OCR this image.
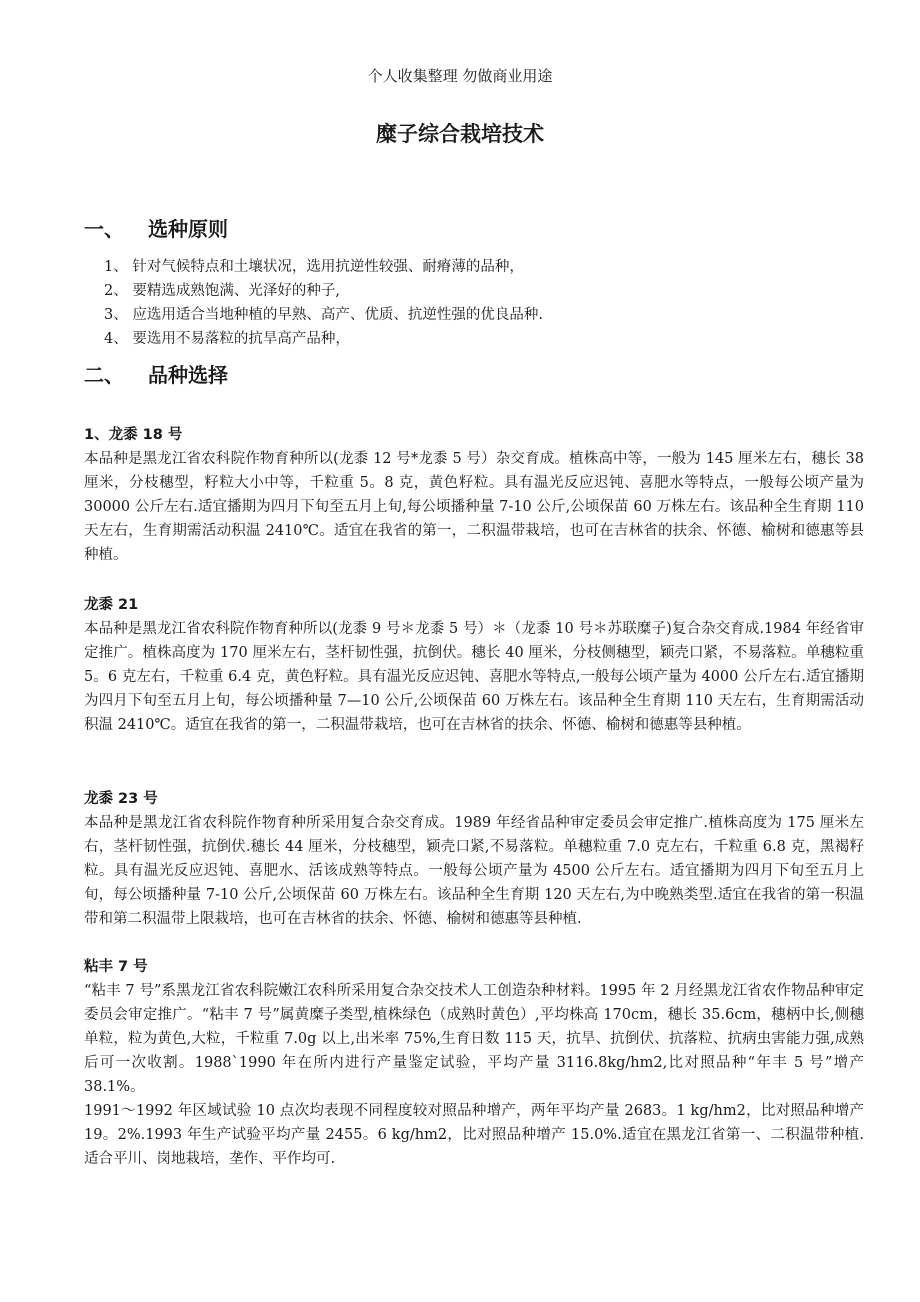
个人收集整理 勿做商业用途
糜子综合栽培技术
一、 选种原则
1、 针对气候特点和土壤状况，选用抗逆性较强、耐瘠薄的品种，
2、 要精选成熟饱满、光泽好的种子,
3、 应选用适合当地种植的早熟、高产、优质、抗逆性强的优良品种.
4、 要选用不易落粒的抗旱高产品种，
二、 品种选择
1、龙黍 18 号

本品种是黑龙江省农科院作物育种所以(龙黍 12 号*龙黍 5 号）杂交育成。植株高中等，一般为 145 厘米左右，穗长 38 厘米，分枝穗型，籽粒大小中等，千粒重 5。8 克，黄色籽粒。具有温光反应迟钝、喜肥水等特点，一般每公顷产量为 30000 公斤左右.适宜播期为四月下旬至五月上旬,每公顷播种量 7-10 公斤,公顷保苗 60 万株左右。该品种全生育期 110 天左右，生育期需活动积温 2410℃。适宜在我省的第一，二积温带栽培，也可在吉林省的扶余、怀德、榆树和德惠等县种植。

龙黍 21

本品种是黑龙江省农科院作物育种所以(龙黍 9 号＊龙黍 5 号）＊（龙黍 10 号＊苏联糜子)复合杂交育成.1984 年经省审定推广。植株高度为 170 厘米左右，茎杆韧性强，抗倒伏。穗长 40 厘米，分枝侧穗型，颖壳口紧，不易落粒。单穗粒重 5。6 克左右，千粒重 6.4 克，黄色籽粒。具有温光反应迟钝、喜肥水等特点,一般每公顷产量为 4000 公斤左右.适宜播期为四月下旬至五月上旬，每公顷播种量 7—10 公斤,公顷保苗 60 万株左右。该品种全生育期 110 天左右，生育期需活动积温 2410℃。适宜在我省的第一，二积温带栽培，也可在吉林省的扶余、怀德、榆树和德惠等县种植。

龙黍 23 号

本品种是黑龙江省农科院作物育种所采用复合杂交育成。1989 年经省品种审定委员会审定推广.植株高度为 175 厘米左右，茎杆韧性强，抗倒伏.穗长 44 厘米，分枝穗型，颖壳口紧,不易落粒。单穗粒重 7.0 克左右，千粒重 6.8 克，黑褐籽粒。具有温光反应迟钝、喜肥水、活该成熟等特点。一般每公顷产量为 4500 公斤左右。适宜播期为四月下旬至五月上旬，每公顷播种量 7-10 公斤,公顷保苗 60 万株左右。该品种全生育期 120 天左右,为中晚熟类型.适宜在我省的第一积温带和第二积温带上限栽培，也可在吉林省的扶余、怀德、榆树和德惠等县种植.

粘丰 7 号

“粘丰 7 号”系黑龙江省农科院嫩江农科所采用复合杂交技术人工创造杂种材料。1995 年 2 月经黑龙江省农作物品种审定委员会审定推广。“粘丰 7 号”属黄糜子类型,植株绿色（成熟时黄色）,平均株高 170cm，穗长 35.6cm，穗柄中长,侧穗单粒，粒为黄色,大粒，千粒重 7.0g 以上,出米率 75%,生育日数 115 天，抗旱、抗倒伏、抗落粒、抗病虫害能力强,成熟后可一次收割。1988`1990 年在所内进行产量鉴定试验，平均产量 3116.8kg/hm2,比对照品种“年丰 5 号”增产 38.1%。

1991～1992 年区域试验 10 点次均表现不同程度较对照品种增产，两年平均产量 2683。1 kg/hm2，比对照品种增产 19。2%.1993 年生产试验平均产量 2455。6 kg/hm2，比对照品种增产 15.0%.适宜在黑龙江省第一、二积温带种植.适合平川、岗地栽培，垄作、平作均可.
